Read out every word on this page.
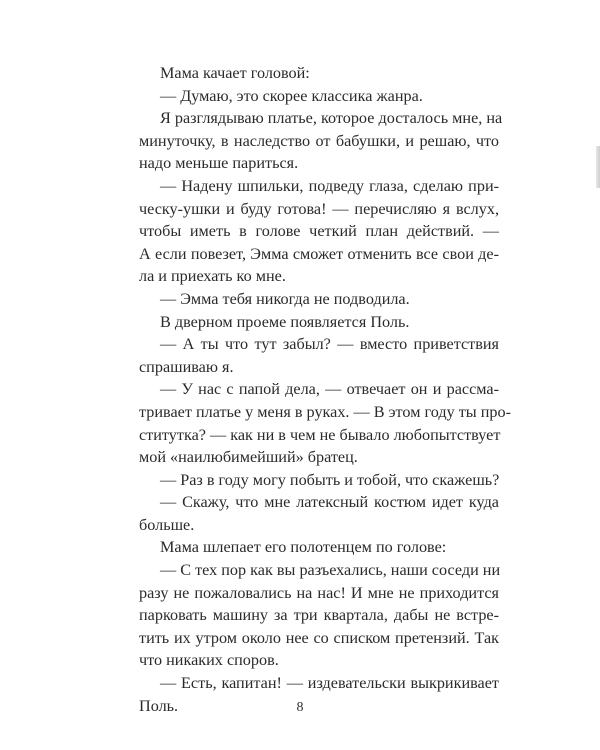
Мама качает головой:
— Думаю, это скорее классика жанра.
Я разглядываю платье, которое досталось мне, на
минуточку, в наследство от бабушки, и решаю, что
надо меньше париться.
— Надену шпильки, подведу глаза, сделаю при-
ческу-ушки и буду готова! — перечисляю я вслух,
чтобы иметь в голове четкий план действий. —
А если повезет, Эмма сможет отменить все свои де-
ла и приехать ко мне.
— Эмма тебя никогда не подводила.
В дверном проеме появляется Поль.
— А ты что тут забыл? — вместо приветствия
спрашиваю я.
— У нас с папой дела, — отвечает он и рассма-
тривает платье у меня в руках. — В этом году ты про-
ститутка? — как ни в чем не бывало любопытствует
мой «наилюбимейший» братец.
— Раз в году могу побыть и тобой, что скажешь?
— Скажу, что мне латексный костюм идет куда
больше.
Мама шлепает его полотенцем по голове:
— С тех пор как вы разъехались, наши соседи ни
разу не пожаловались на нас! И мне не приходится
парковать машину за три квартала, дабы не встре-
тить их утром около нее со списком претензий. Так
что никаких споров.
— Есть, капитан! — издевательски выкрикивает
Поль.	8
